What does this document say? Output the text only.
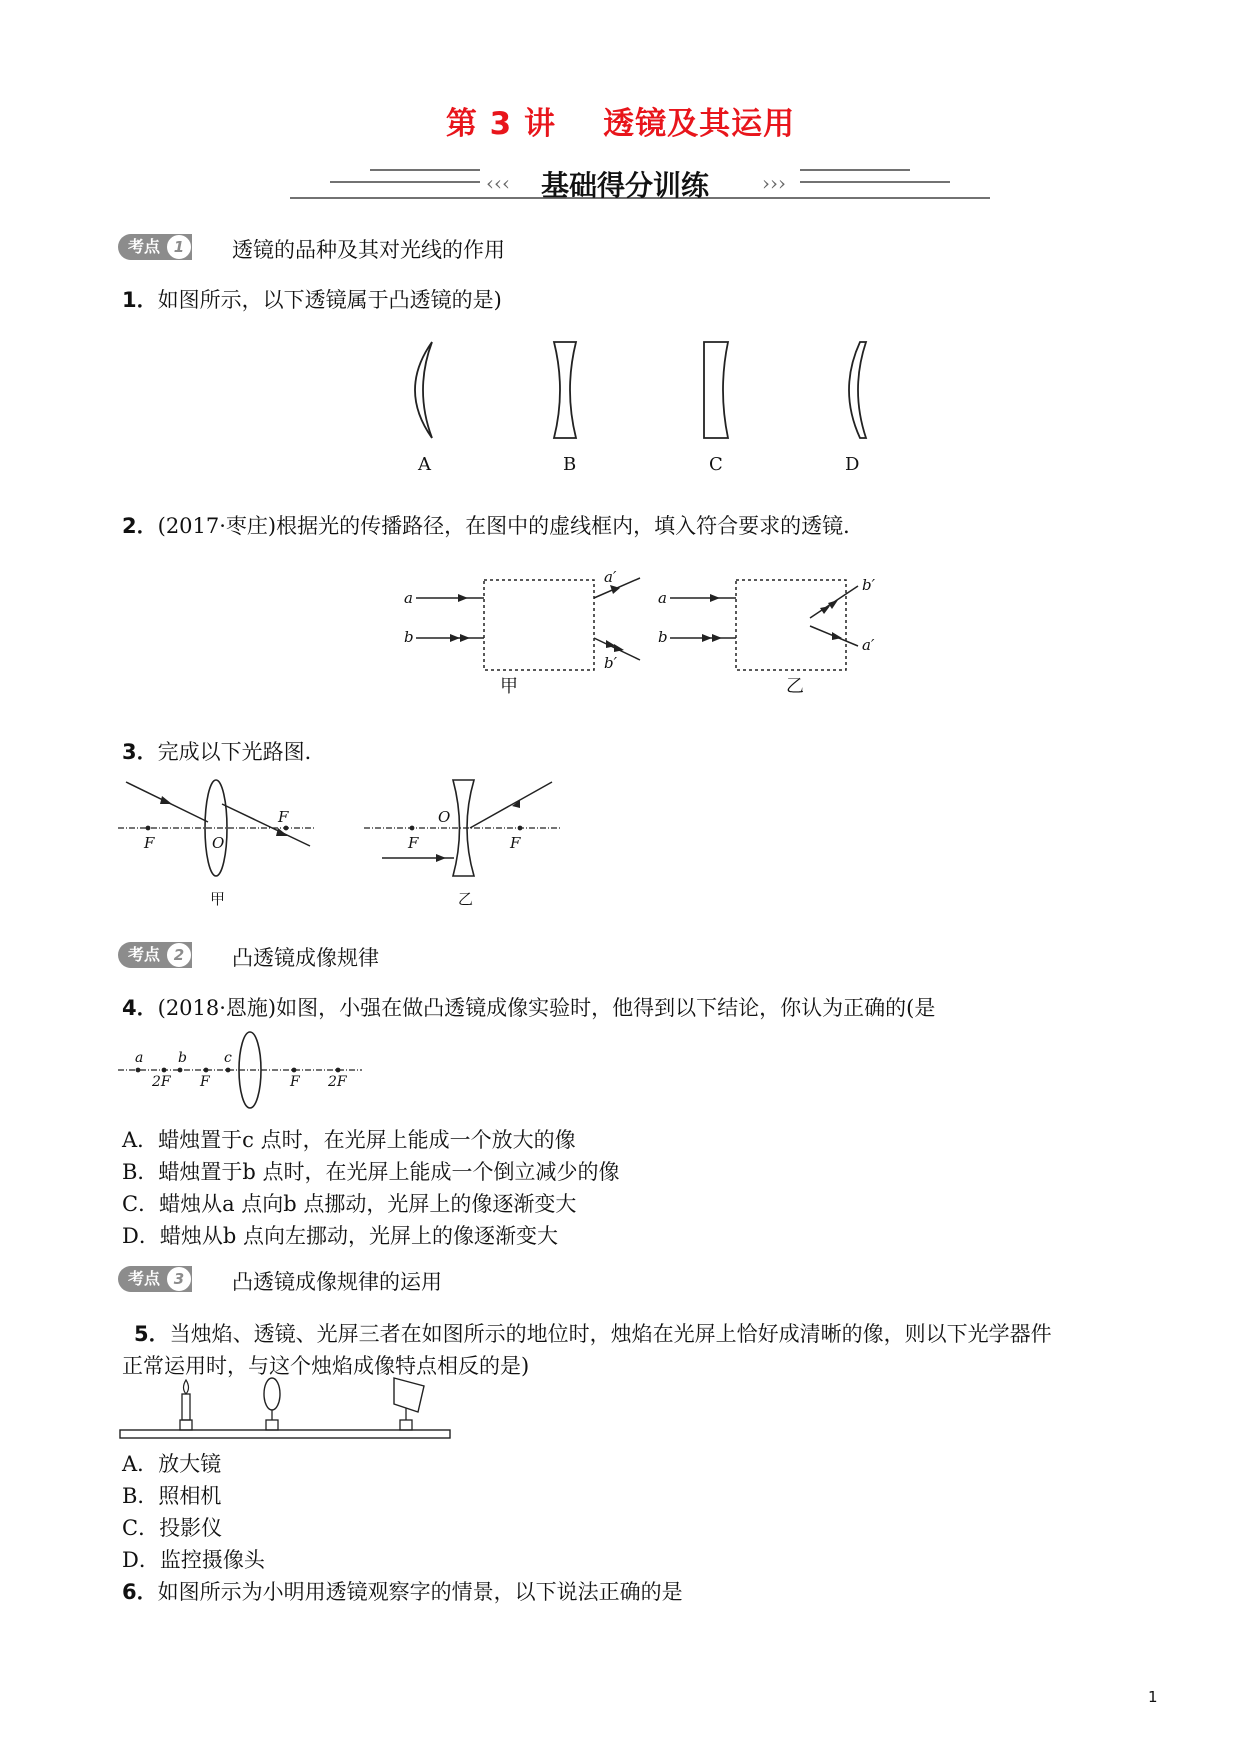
第 3 讲    透镜及其运用
‹‹‹	›››
基础得分训练
考点 1	透镜的品种及其对光线的作用
1．如图所示，以下透镜属于凸透镜的是)
A	B	C	D
2．(2017·枣庄)根据光的传播路径，在图中的虚线框内，填入符合要求的透镜．
a
b
a′
b′
甲
a
b
b′
a′
乙
3．完成以下光路图．
F	O
F
甲
O
F	F
乙
考点 2	凸透镜成像规律
4．(2018·恩施)如图，小强在做凸透镜成像实验时，他得到以下结论，你认为正确的(是
a b	c
2F F	F 2F
A．蜡烛置于c 点时，在光屏上能成一个放大的像
B．蜡烛置于b 点时，在光屏上能成一个倒立减少的像
C．蜡烛从a 点向b 点挪动，光屏上的像逐渐变大
D．蜡烛从b 点向左挪动，光屏上的像逐渐变大
考点 3	凸透镜成像规律的运用
5．当烛焰、透镜、光屏三者在如图所示的地位时，烛焰在光屏上恰好成清晰的像，则以下光学器件
正常运用时，与这个烛焰成像特点相反的是)
A．放大镜
B．照相机
C．投影仪
D．监控摄像头
6．如图所示为小明用透镜观察字的情景，以下说法正确的是
1
